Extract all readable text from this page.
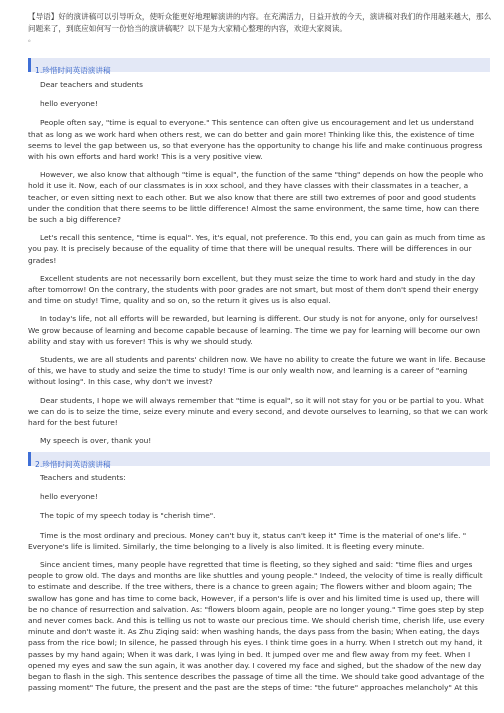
【导语】好的演讲稿可以引导听众，使听众能更好地理解演讲的内容。在充满活力，日益开放的今天，演讲稿对我们的作用越来越大，那么问题来了，到底应如何写一份恰当的演讲稿呢？以下是为大家精心整理的内容，欢迎大家阅读。
。
1.珍惜时间英语演讲稿

Dear teachers and students

hello everyone!

People often say, "time is equal to everyone." This sentence can often give us encouragement and let us understand that as long as we work hard when others rest, we can do better and gain more! Thinking like this, the existence of time seems to level the gap between us, so that everyone has the opportunity to change his life and make continuous progress with his own efforts and hard work! This is a very positive view.

However, we also know that although "time is equal", the function of the same "thing" depends on how the people who hold it use it. Now, each of our classmates is in xxx school, and they have classes with their classmates in a teacher, a teacher, or even sitting next to each other. But we also know that there are still two extremes of poor and good students under the condition that there seems to be little difference! Almost the same environment, the same time, how can there be such a big difference?

Let's recall this sentence, "time is equal". Yes, it's equal, not preference. To this end, you can gain as much from time as you pay. It is precisely because of the equality of time that there will be unequal results. There will be differences in our grades!

Excellent students are not necessarily born excellent, but they must seize the time to work hard and study in the day after tomorrow! On the contrary, the students with poor grades are not smart, but most of them don't spend their energy and time on study! Time, quality and so on, so the return it gives us is also equal.

In today's life, not all efforts will be rewarded, but learning is different. Our study is not for anyone, only for ourselves! We grow because of learning and become capable because of learning. The time we pay for learning will become our own ability and stay with us forever! This is why we should study.

Students, we are all students and parents' children now. We have no ability to create the future we want in life. Because of this, we have to study and seize the time to study! Time is our only wealth now, and learning is a career of "earning without losing". In this case, why don't we invest?

Dear students, I hope we will always remember that "time is equal", so it will not stay for you or be partial to you. What we can do is to seize the time, seize every minute and every second, and devote ourselves to learning, so that we can work hard for the best future!

My speech is over, thank you!

2.珍惜时间英语演讲稿

Teachers and students:

hello everyone!

The topic of my speech today is "cherish time".

Time is the most ordinary and precious. Money can't buy it, status can't keep it" Time is the material of one's life. " Everyone's life is limited. Similarly, the time belonging to a lively is also limited. It is fleeting every minute.

Since ancient times, many people have regretted that time is fleeting, so they sighed and said: "time flies and urges people to grow old. The days and months are like shuttles and young people." Indeed, the velocity of time is really difficult to estimate and describe. If the tree withers, there is a chance to green again; The flowers wither and bloom again; The swallow has gone and has time to come back, However, if a person's life is over and his limited time is used up, there will be no chance of resurrection and salvation. As: "flowers bloom again, people are no longer young." Time goes step by step and never comes back. And this is telling us not to waste our precious time. We should cherish time, cherish life, use every minute and don't waste it. As Zhu Ziqing said: when washing hands, the days pass from the basin; When eating, the days pass from the rice bowl; In silence, he passed through his eyes. I think time goes in a hurry. When I stretch out my hand, it passes by my hand again; When it was dark, I was lying in bed. It jumped over me and flew away from my feet. When I opened my eyes and saw the sun again, it was another day. I covered my face and sighed, but the shadow of the new day began to flash in the sigh. This sentence describes the passage of time all the time. We should take good advantage of the passing moment" The future, the present and the past are the steps of time: "the future" approaches melancholy" At this
